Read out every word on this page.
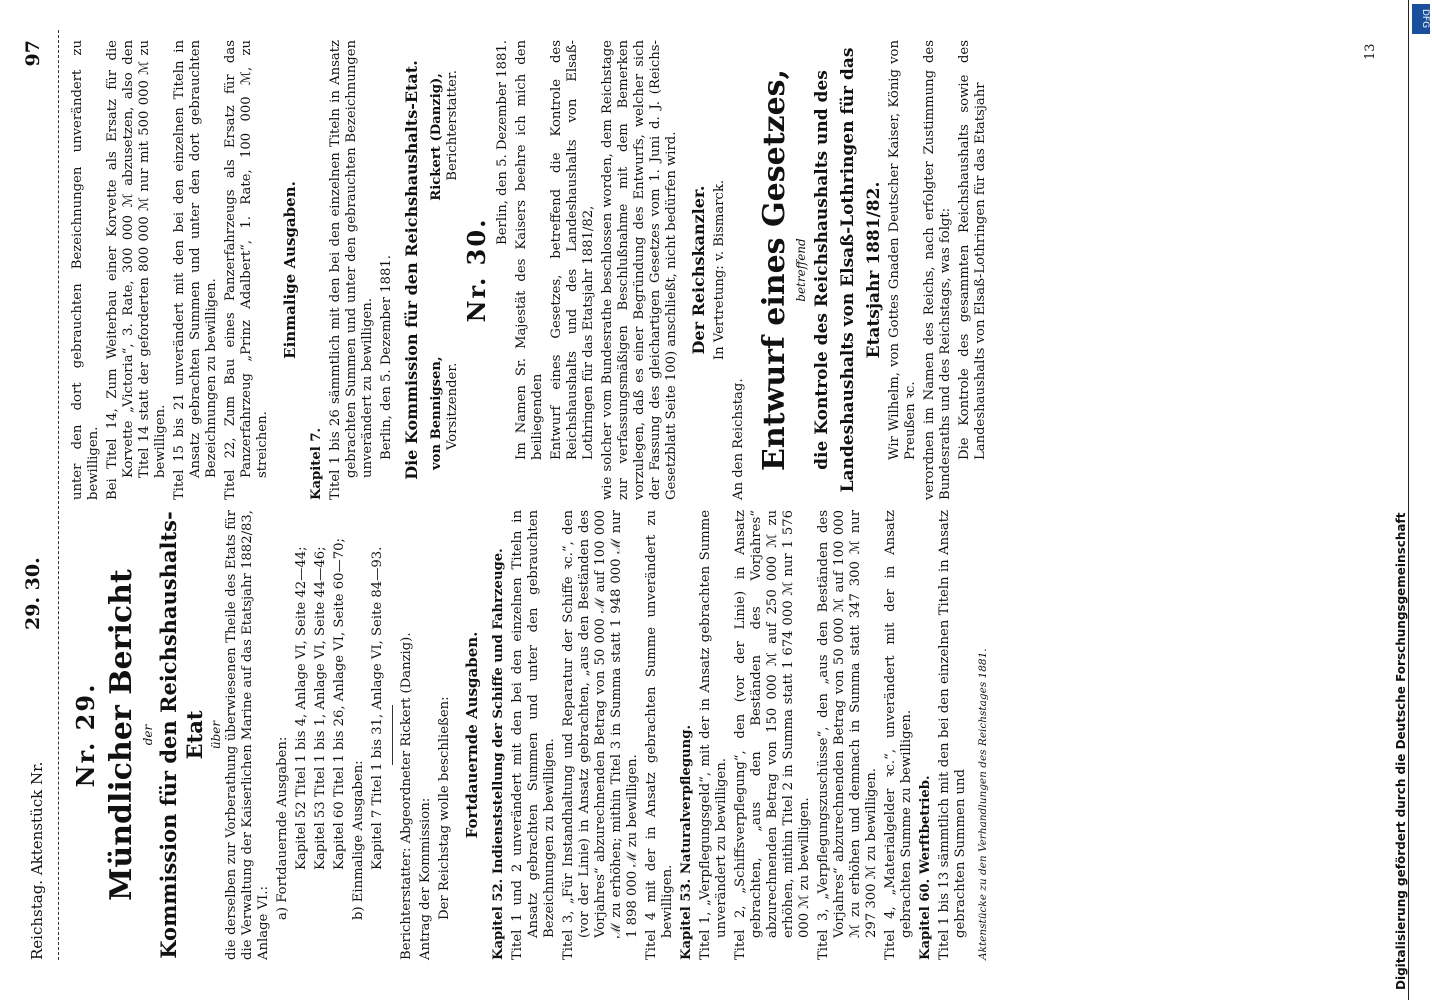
Reichstag. Aktenstück Nr.
29. 30.
97
Nr. 29. Mündlicher Bericht der Kommission für den Reichshaushalts-Etat über die derselben zur Vorberathung überwiesenen Theile des Etats für die Verwaltung der Kaiserlichen Marine auf das Etatsjahr 1882/83, Anlage VI.:

a) Fortdauernde Ausgaben: Kapitel 52 Titel 1 bis 4, Anlage VI, Seite 42—44; Kapitel 53 Titel 1 bis 1, Anlage VI, Seite 44—46; Kapitel 60 Titel 1 bis 26, Anlage VI, Seite 60—70; b) Einmalige Ausgaben: Kapitel 7 Titel 1 bis 31, Anlage VI, Seite 84—93. Berichterstatter: Abgeordneter Rickert (Danzig). Antrag der Kommission: Der Reichstag wolle beschließen: Fortdauernde Ausgaben. Kapitel 52. Indienststellung der Schiffe und Fahrzeuge. Titel 1 und 2 unverändert mit den bei den einzelnen Titeln in Ansatz gebrachten Summen und unter den gebrauchten Bezeichnungen zu bewilligen. Titel 3, „Für Instandhaltung und Reparatur der Schiffe ꝛc.“, den (vor der Linie) in Ansatz gebrachten, „aus den Beständen des Vorjahres“ abzurechnenden Betrag von 50 000 ℳ auf 100 000 ℳ zu erhöhen; mithin Titel 3 in Summa statt 1 948 000 ℳ nur 1 898 000 ℳ zu bewilligen. Titel 4 mit der in Ansatz gebrachten Summe unverändert zu bewilligen. Kapitel 53. Naturalverpflegung. Titel 1, „Verpflegungsgeld“, mit der in Ansatz gebrachten Summe unverändert zu bewilligen. Titel 2, „Schiffsverpflegung“, den (vor der Linie) in Ansatz gebrachten, „aus den Beständen des Vorjahres“ abzurechnenden Betrag von 150 000 ℳ auf 250 000 ℳ zu erhöhen, mithin Titel 2 in Summa statt 1 674 000 ℳ nur 1 576 000 ℳ zu bewilligen. Titel 3, „Verpflegungszuschüsse“, den „aus den Beständen des Vorjahres“ abzurechnenden Betrag von 50 000 ℳ auf 100 000 ℳ zu erhöhen und demnach in Summa statt 347 300 ℳ nur 297 300 ℳ zu bewilligen. Titel 4, „Materialgelder ꝛc.“, unverändert mit der in Ansatz gebrachten Summe zu bewilligen. Kapitel 60. Werftbetrieb. Titel 1 bis 13 sämmtlich mit den bei den einzelnen Titeln in Ansatz gebrachten Summen und Aktenstücke zu den Verhandlungen des Reichstages 1881.

unter den dort gebrauchten Bezeichnungen unverändert zu bewilligen. Bei Titel 14, Zum Weiterbau einer Korvette als Ersatz für die Korvette „Victoria“, 3. Rate, 300 000 ℳ abzusetzen, also den Titel 14 statt der geforderten 800 000 ℳ nur mit 500 000 ℳ zu bewilligen. Titel 15 bis 21 unverändert mit den bei den einzelnen Titeln in Ansatz gebrachten Summen und unter den dort gebrauchten Bezeichnungen zu bewilligen. Titel 22, Zum Bau eines Panzerfahrzeugs als Ersatz für das Panzerfahrzeug „Prinz Adalbert“, 1. Rate, 100 000 ℳ, zu streichen.

Einmalige Ausgaben.

Kapitel 7. Titel 1 bis 26 sämmtlich mit den bei den einzelnen Titeln in Ansatz gebrachten Summen und unter den gebrauchten Bezeichnungen unverändert zu bewilligen. Berlin, den 5. Dezember 1881. Die Kommission für den Reichshaushalts-Etat. von Bennigsen, Vorsitzender.
Rickert (Danzig), Berichterstatter.
Nr. 30.

Berlin, den 5. Dezember 1881. Im Namen Sr. Majestät des Kaisers beehre ich mich den beiliegenden Entwurf eines Gesetzes, betreffend die Kontrole des Reichshaushalts und des Landeshaushalts von Elsaß-Lothringen für das Etatsjahr 1881/82, wie solcher vom Bundesrathe beschlossen worden, dem Reichstage zur verfassungsmäßigen Beschlußnahme mit dem Bemerken vorzulegen, daß es einer Begründung des Entwurfs, welcher sich der Fassung des gleichartigen Gesetzes vom 1. Juni d. J. (Reichs-Gesetzblatt Seite 100) anschließt, nicht bedürfen wird. Der Reichskanzler. In Vertretung: v. Bismarck.

An den Reichstag. Entwurf eines Gesetzes, betreffend die Kontrole des Reichshaushalts und des Landeshaushalts von Elsaß-Lothringen für das Etatsjahr 1881/82. Wir Wilhelm, von Gottes Gnaden Deutscher Kaiser, König von Preußen ꝛc. verordnen im Namen des Reichs, nach erfolgter Zustimmung des Bundesraths und des Reichstags, was folgt: Die Kontrole des gesammten Reichshaushalts sowie des Landeshaushalts von Elsaß-Lothringen für das Etatsjahr

13
Digitalisierung gefördert durch die Deutsche Forschungsgemeinschaft
DFG
